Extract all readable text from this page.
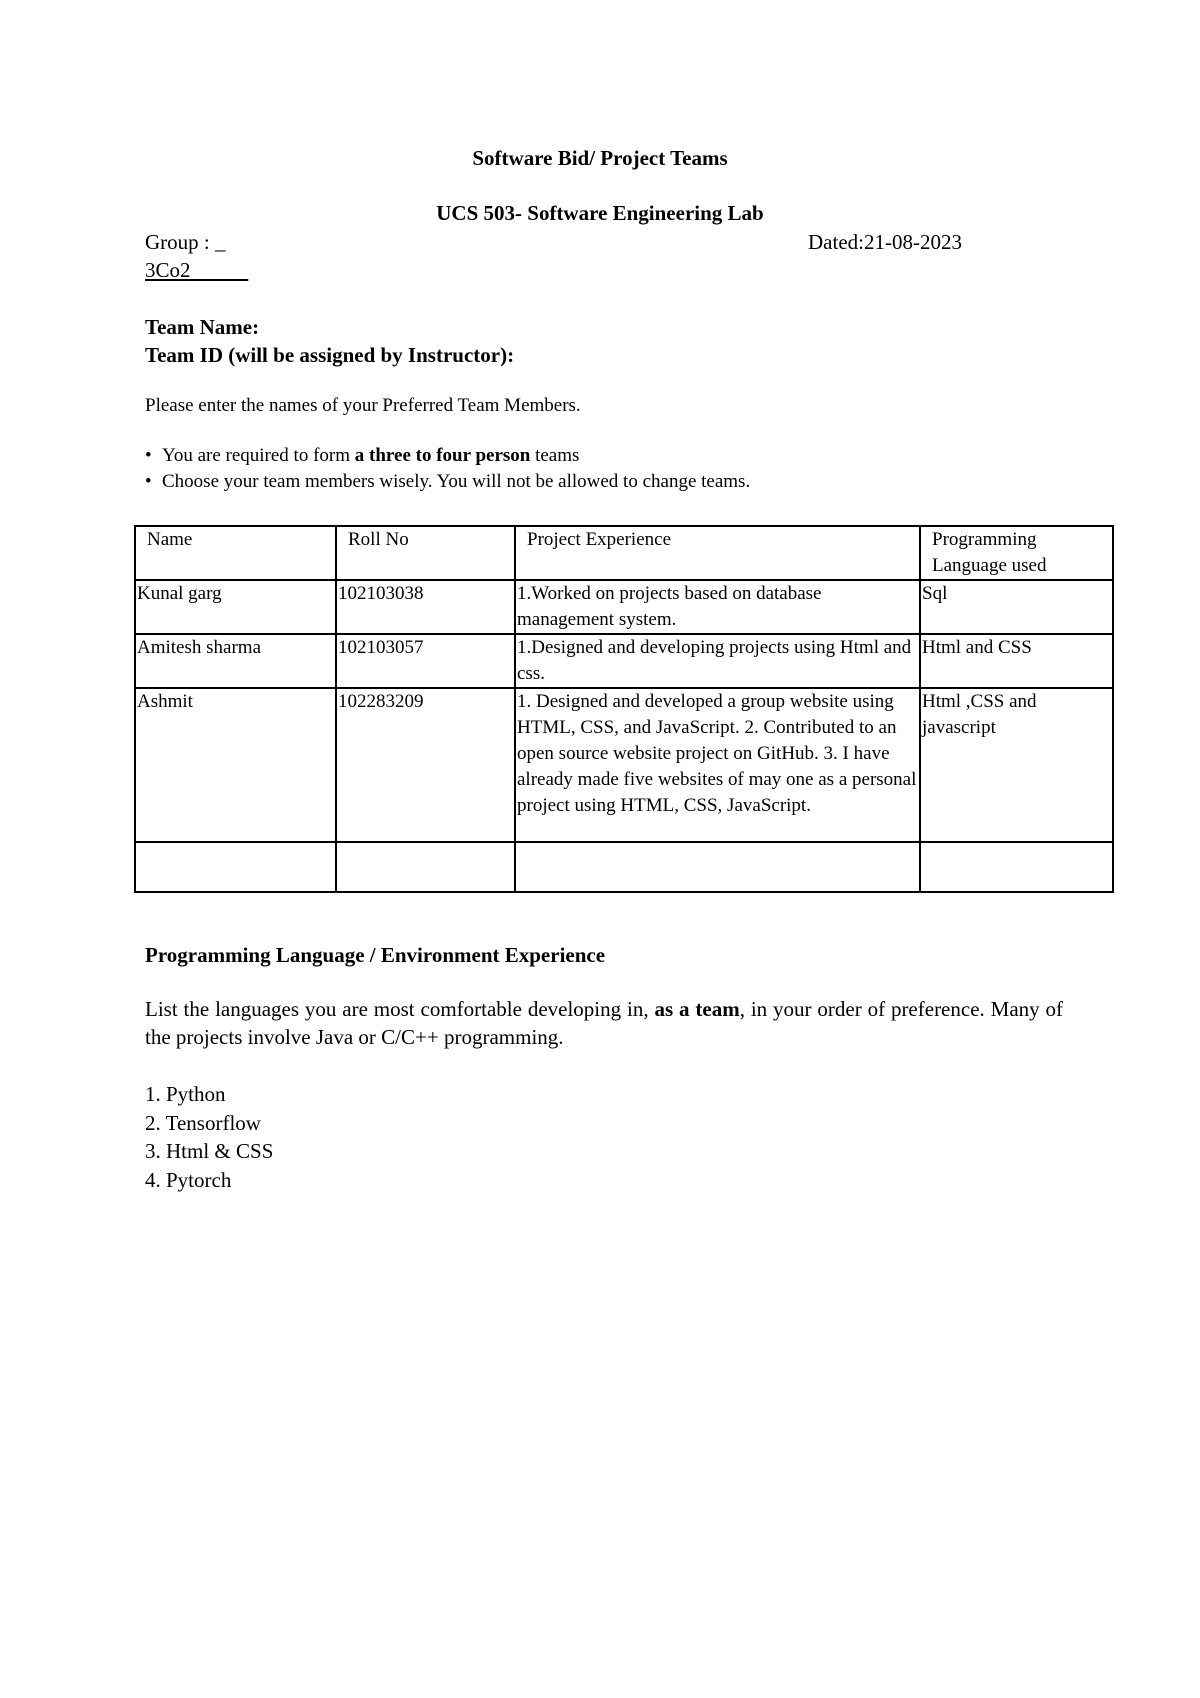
Software Bid/ Project Teams
UCS 503- Software Engineering Lab
Group : _
3Co2
Dated:21-08-2023
Team Name:
Team ID (will be assigned by Instructor):
Please enter the names of your Preferred Team Members.
• You are required to form a three to four person teams
• Choose your team members wisely. You will not be allowed to change teams.
Name	Roll No	Project Experience	Programming Language used
Kunal garg	102103038	1.Worked on projects based on database management system.	Sql
Amitesh sharma	102103057	1.Designed and developing projects using Html and css.	Html and CSS
Ashmit	102283209	1. Designed and developed a group website using HTML, CSS, and JavaScript. 2. Contributed to an open source website project on GitHub. 3. I have already made five websites of may one as a personal project using HTML, CSS, JavaScript.	Html ,CSS and javascript

Programming Language / Environment Experience
List the languages you are most comfortable developing in, as a team, in your order of preference. Many of the projects involve Java or C/C++ programming.
1. Python
2. Tensorflow
3. Html & CSS
4. Pytorch
